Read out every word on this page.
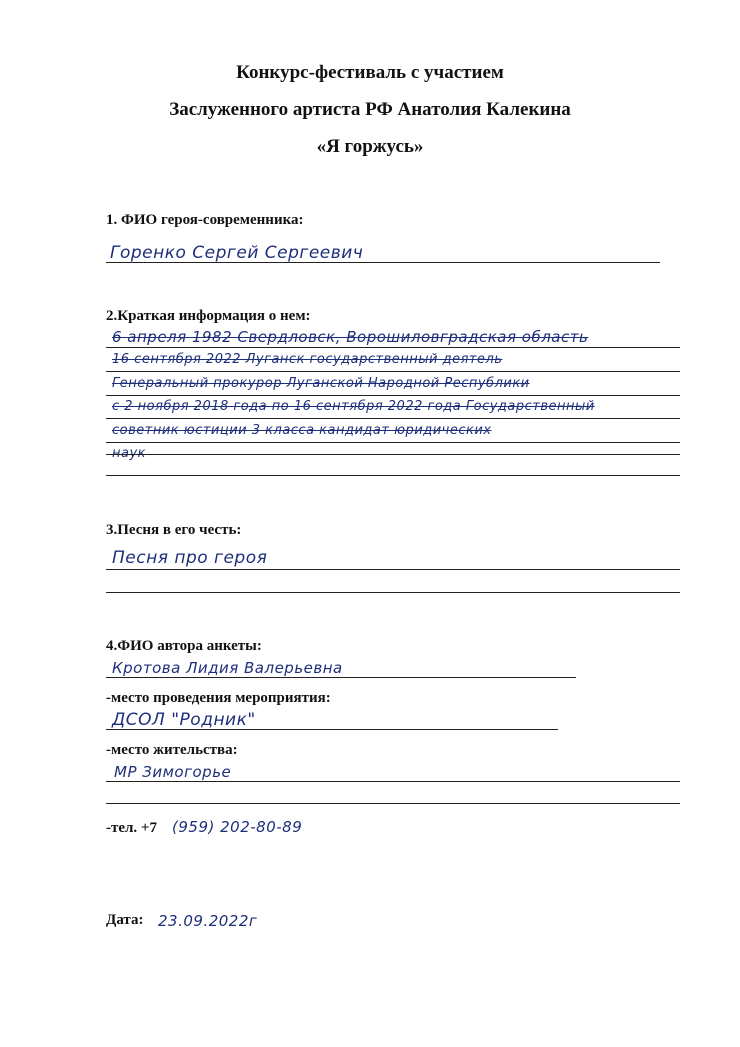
Конкурс-фестиваль с участием
Заслуженного артиста РФ Анатолия Калекина
«Я горжусь»
1. ФИО героя-современника:
Горенко Сергей Сергеевич
2.Краткая информация о нем:
6 апреля 1982 Свердловск, Ворошиловградская область
16 сентября 2022 Луганск государственный деятель
Генеральный прокурор Луганской Народной Республики
с 2 ноября 2018 года по 16 сентября 2022 года Государственный
советник юстиции 3 класса кандидат юридических
наук
3.Песня в его честь:
Песня про героя
4.ФИО автора анкеты:
Кротова Лидия Валерьевна
-место проведения мероприятия:
ДСОЛ "Родник"
-место жительства:
МР Зимогорье
-тел. +7 (959) 202-80-89
Дата: 23.09.2022г
